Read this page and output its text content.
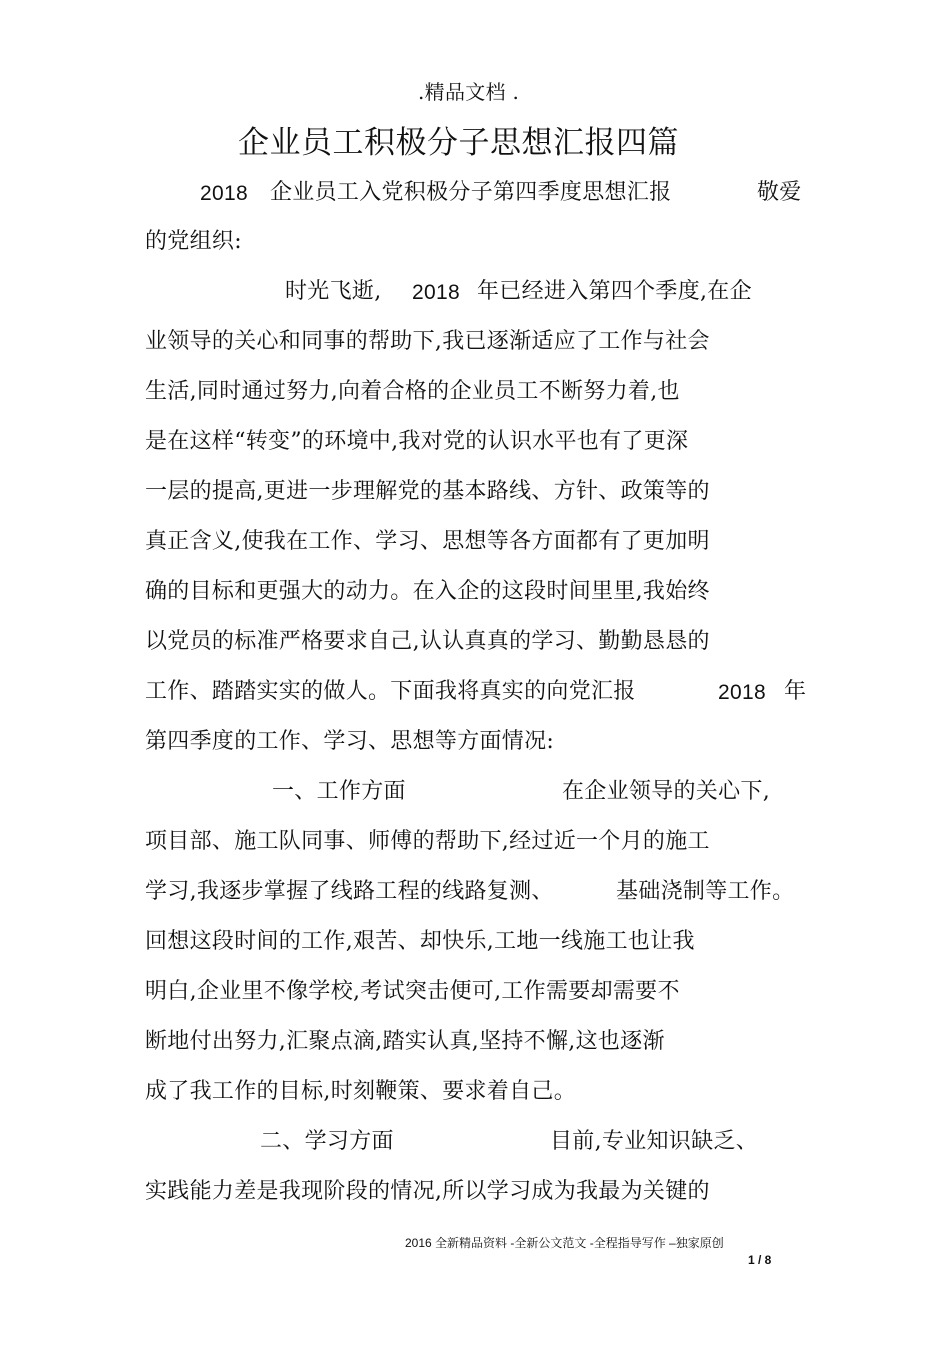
.精品文档 .
企业员工积极分子思想汇报四篇
2018 企业员工入党积极分子第四季度思想汇报	敬爱
的党组织:
时光飞逝, 2018 年已经进入第四个季度,在企
业领导的关心和同事的帮助下,我已逐渐适应了工作与社会
生活,同时通过努力,向着合格的企业员工不断努力着,也
是在这样“转变”的环境中,我对党的认识水平也有了更深
一层的提高,更进一步理解党的基本路线、方针、政策等的
真正含义,使我在工作、学习、思想等各方面都有了更加明
确的目标和更强大的动力。在入企的这段时间里里,我始终
以党员的标准严格要求自己,认认真真的学习、勤勤恳恳的
工作、踏踏实实的做人。下面我将真实的向党汇报	2018 年
第四季度的工作、学习、思想等方面情况:
一、工作方面	在企业领导的关心下,
项目部、施工队同事、师傅的帮助下,经过近一个月的施工
学习,我逐步掌握了线路工程的线路复测、	基础浇制等工作。
回想这段时间的工作,艰苦、却快乐,工地一线施工也让我
明白,企业里不像学校,考试突击便可,工作需要却需要不
断地付出努力,汇聚点滴,踏实认真,坚持不懈,这也逐渐
成了我工作的目标,时刻鞭策、要求着自己。
二、学习方面	目前,专业知识缺乏、
实践能力差是我现阶段的情况,所以学习成为我最为关键的
2016 全新精品资料 -全新公文范文 -全程指导写作 –独家原创
1 / 8
